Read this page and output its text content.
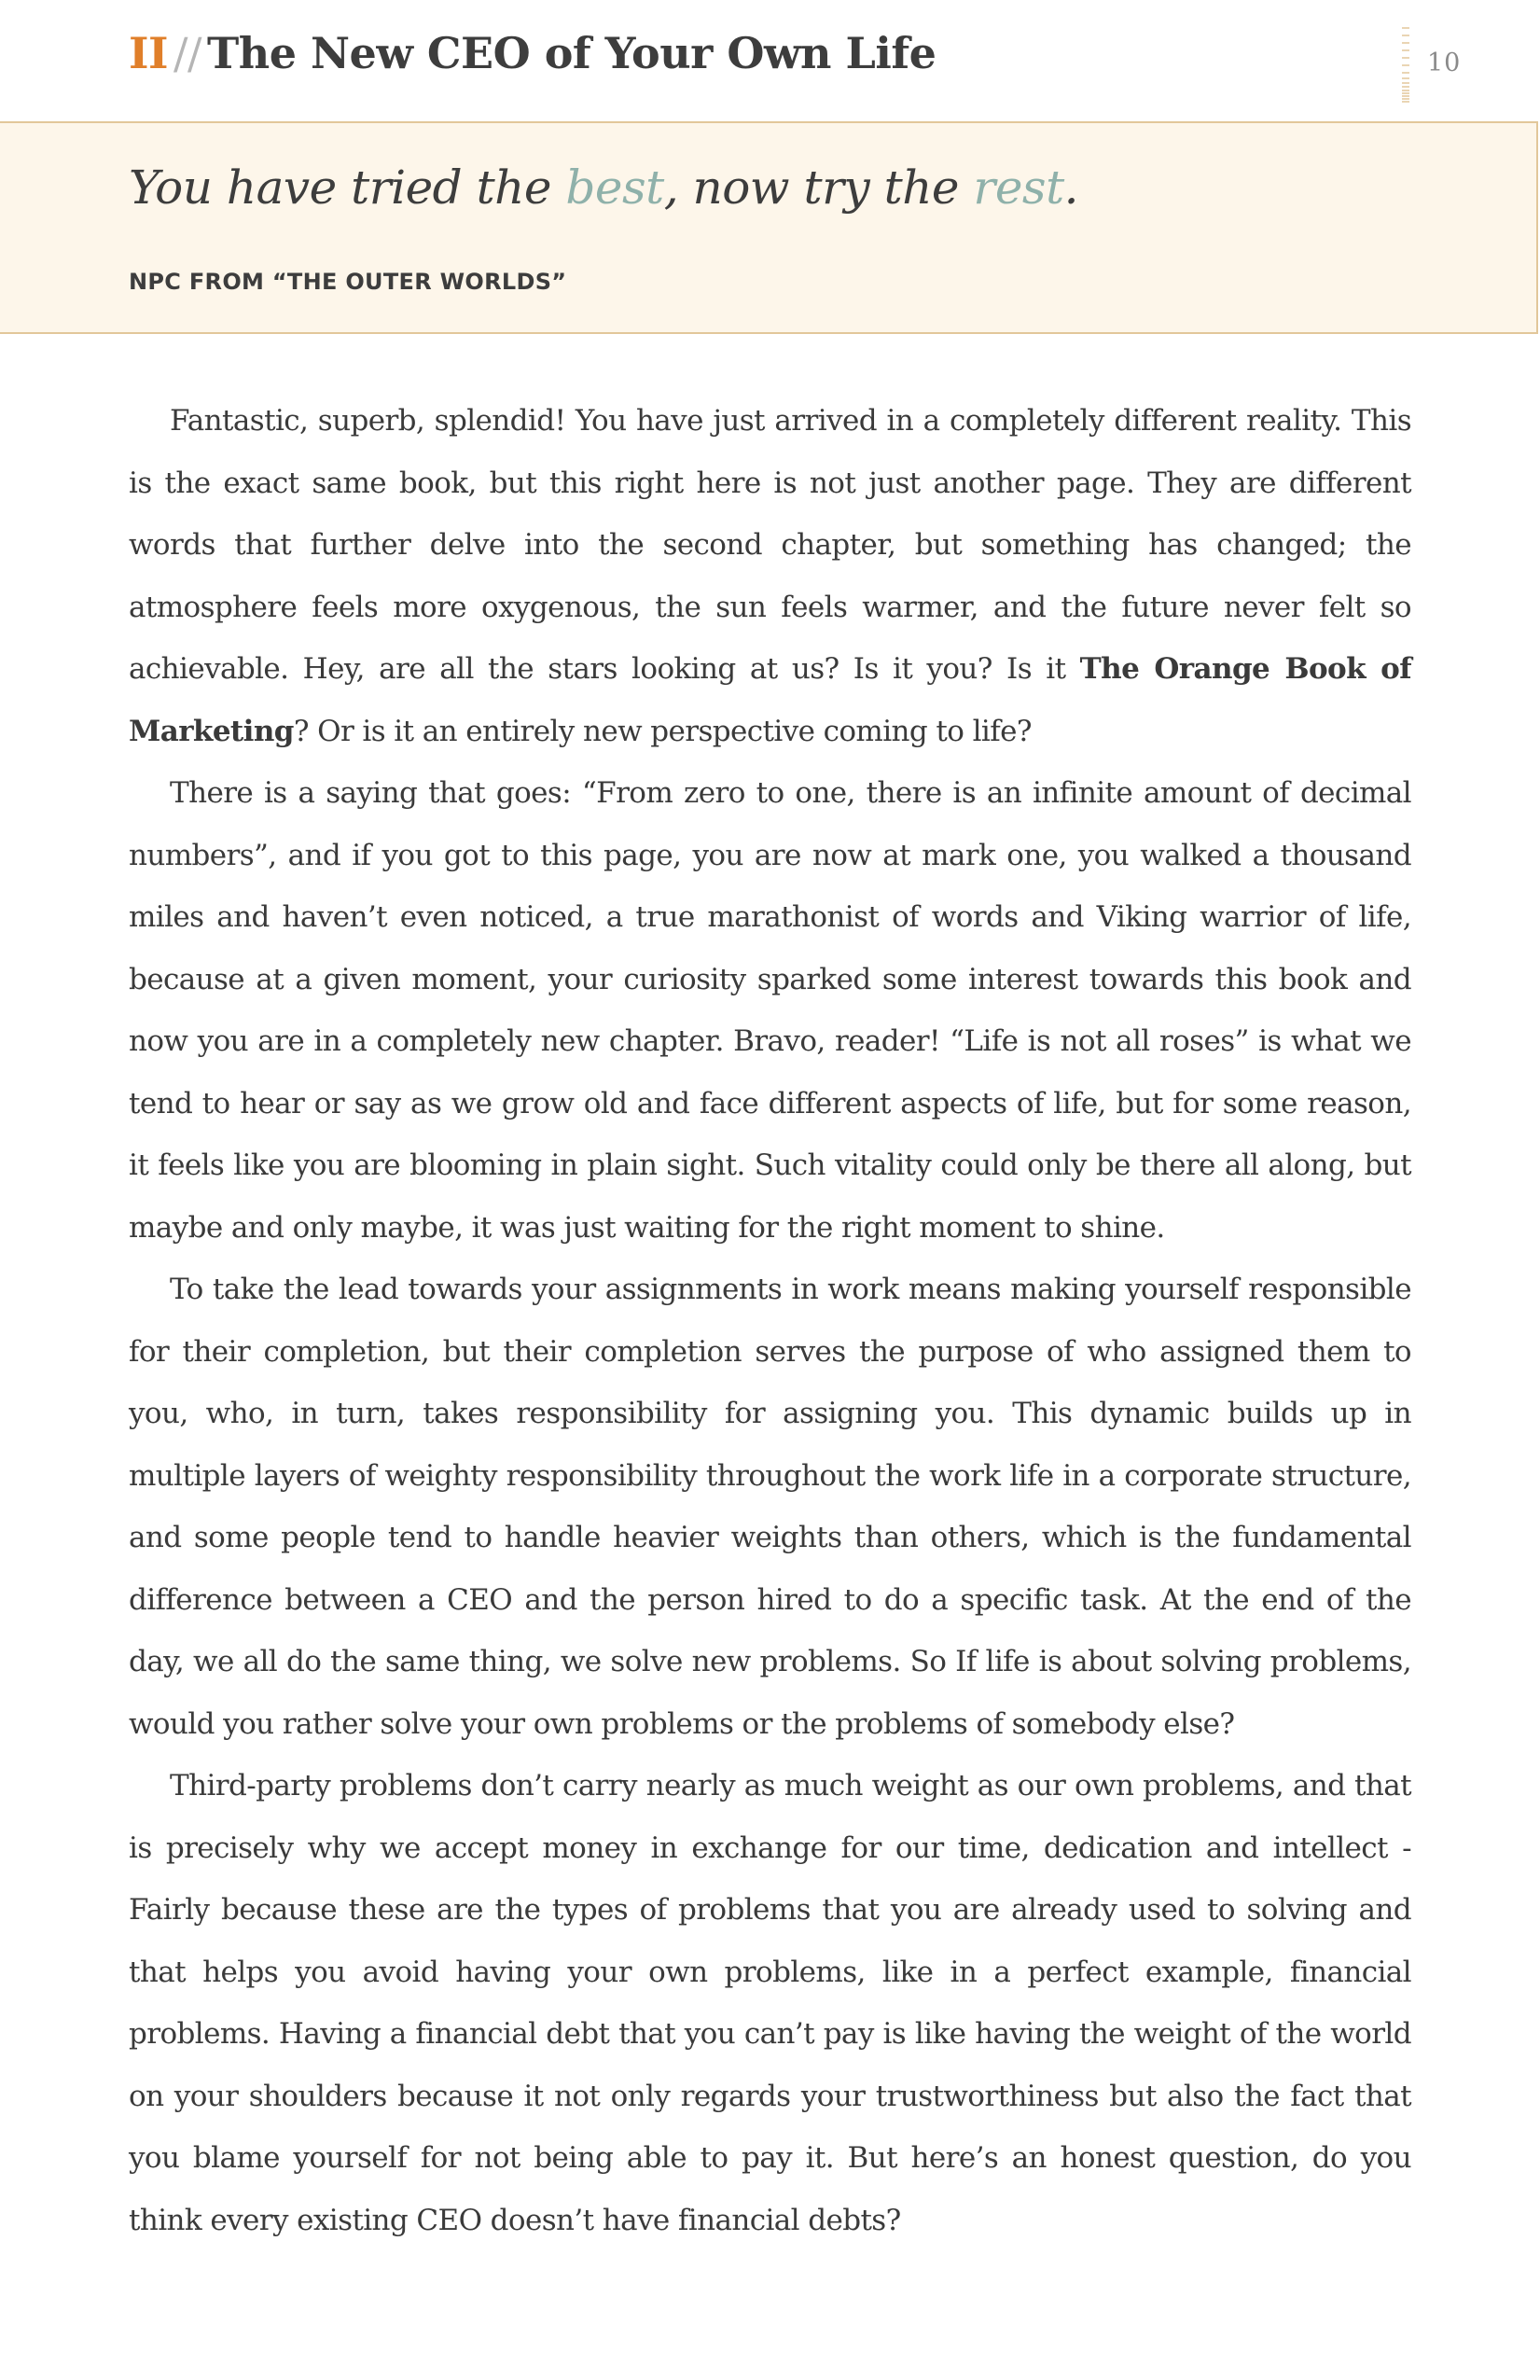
II // The New CEO of Your Own Life	10
You have tried the best, now try the rest.
NPC FROM “THE OUTER WORLDS”

Fantastic, superb, splendid! You have just arrived in a completely different reality. This is the exact same book, but this right here is not just another page. They are different words that further delve into the second chapter, but something has changed; the atmosphere feels more oxygenous, the sun feels warmer, and the future never felt so achievable. Hey, are all the stars looking at us? Is it you? Is it The Orange Book of Marketing? Or is it an entirely new perspective coming to life?

There is a saying that goes: “From zero to one, there is an infinite amount of decimal numbers”, and if you got to this page, you are now at mark one, you walked a thousand miles and haven’t even noticed, a true marathonist of words and Viking warrior of life, because at a given moment, your curiosity sparked some interest towards this book and now you are in a completely new chapter. Bravo, reader! “Life is not all roses” is what we tend to hear or say as we grow old and face different aspects of life, but for some reason, it feels like you are blooming in plain sight. Such vitality could only be there all along, but maybe and only maybe, it was just waiting for the right moment to shine.

To take the lead towards your assignments in work means making yourself responsible for their completion, but their completion serves the purpose of who assigned them to you, who, in turn, takes responsibility for assigning you. This dynamic builds up in multiple layers of weighty responsibility throughout the work life in a corporate structure, and some people tend to handle heavier weights than others, which is the fundamental difference between a CEO and the person hired to do a specific task. At the end of the day, we all do the same thing, we solve new problems. So If life is about solving problems, would you rather solve your own problems or the problems of somebody else?

Third-party problems don’t carry nearly as much weight as our own problems, and that is precisely why we accept money in exchange for our time, dedication and intellect - Fairly because these are the types of problems that you are already used to solving and that helps you avoid having your own problems, like in a perfect example, financial problems. Having a financial debt that you can’t pay is like having the weight of the world on your shoulders because it not only regards your trustworthiness but also the fact that you blame yourself for not being able to pay it. But here’s an honest question, do you think every existing CEO doesn’t have financial debts?
